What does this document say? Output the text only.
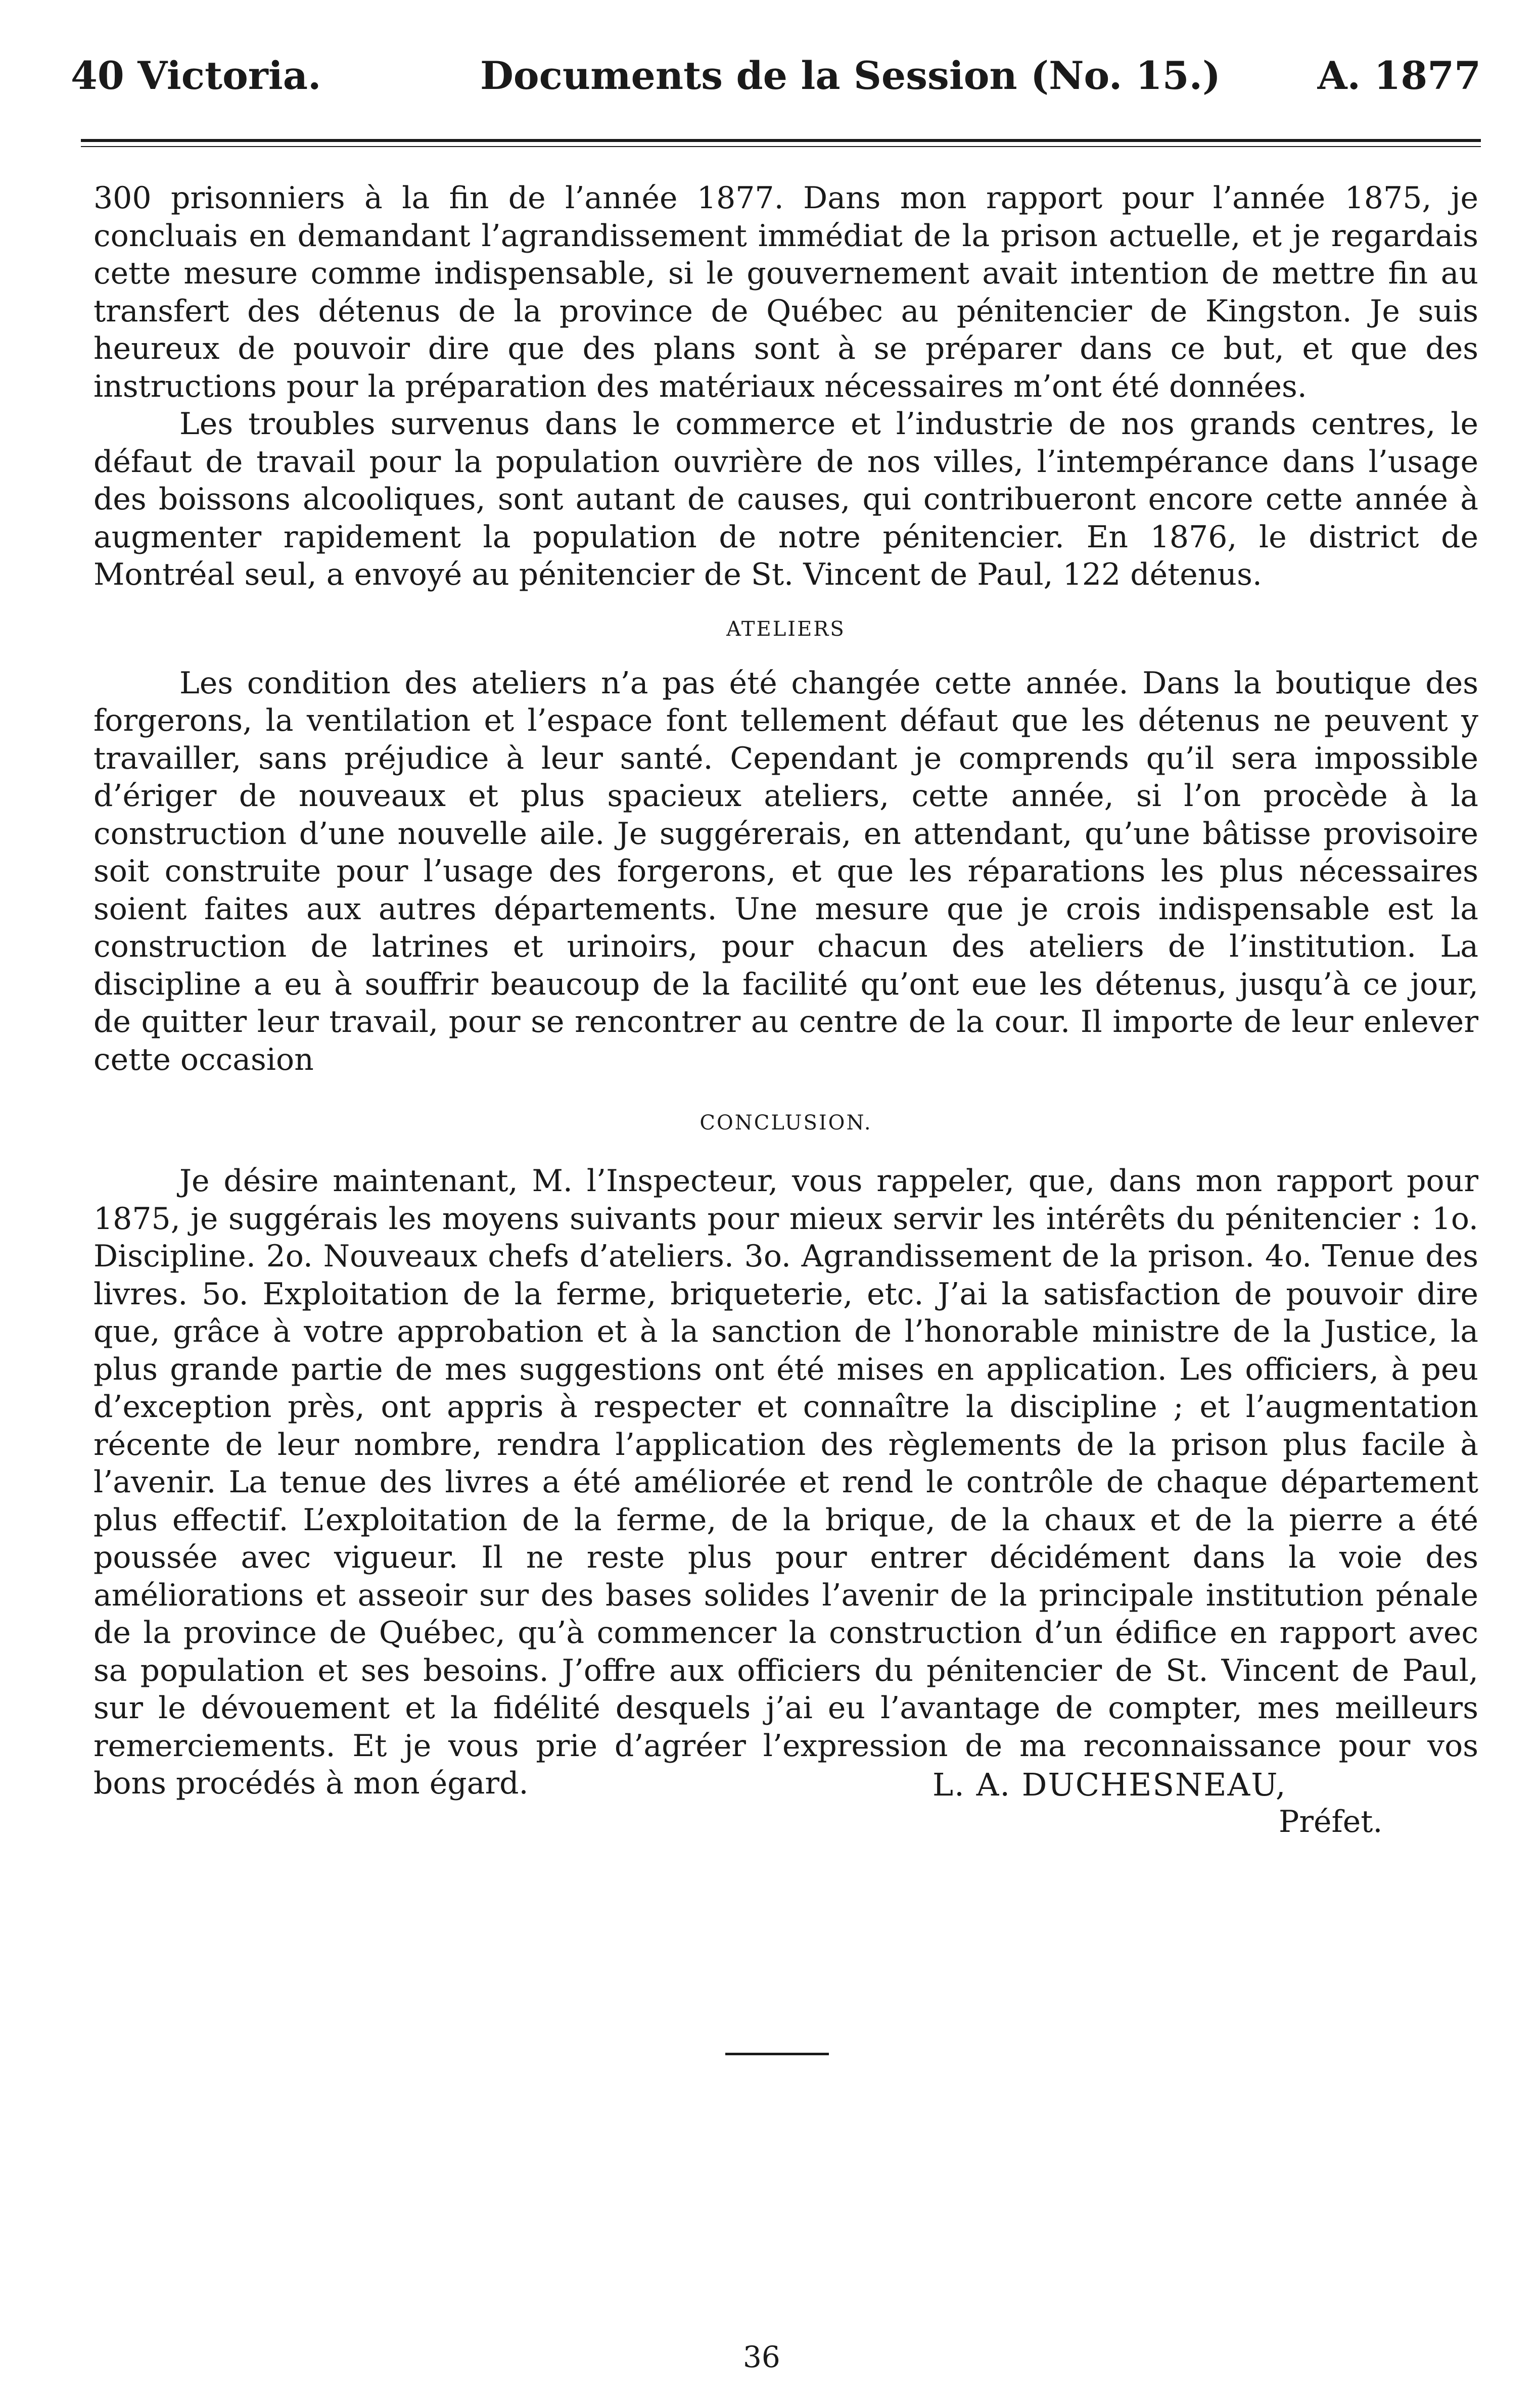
40 Victoria.	Documents de la Session (No. 15.)	A. 1877

300 prisonniers à la fin de l’année 1877. Dans mon rapport pour l’année 1875, je concluais en demandant l’agrandissement immédiat de la prison actuelle, et je regardais cette mesure comme indispensable, si le gouvernement avait intention de mettre fin au transfert des détenus de la province de Québec au pénitencier de Kingston. Je suis heureux de pouvoir dire que des plans sont à se préparer dans ce but, et que des instructions pour la préparation des matériaux nécessaires m’ont été données.

Les troubles survenus dans le commerce et l’industrie de nos grands centres, le défaut de travail pour la population ouvrière de nos villes, l’intempérance dans l’usage des boissons alcooliques, sont autant de causes, qui contribueront encore cette année à augmenter rapidement la population de notre pénitencier. En 1876, le district de Montréal seul, a envoyé au pénitencier de St. Vincent de Paul, 122 détenus.

ATELIERS

Les condition des ateliers n’a pas été changée cette année. Dans la boutique des forgerons, la ventilation et l’espace font tellement défaut que les détenus ne peuvent y travailler, sans préjudice à leur santé. Cependant je comprends qu’il sera impossible d’ériger de nouveaux et plus spacieux ateliers, cette année, si l’on procède à la construction d’une nouvelle aile. Je suggérerais, en attendant, qu’une bâtisse provisoire soit construite pour l’usage des forgerons, et que les réparations les plus nécessaires soient faites aux autres départements. Une mesure que je crois indispensable est la construction de latrines et urinoirs, pour chacun des ateliers de l’institution. La discipline a eu à souffrir beaucoup de la facilité qu’ont eue les détenus, jusqu’à ce jour, de quitter leur travail, pour se rencontrer au centre de la cour. Il importe de leur enlever cette occasion

CONCLUSION.

Je désire maintenant, M. l’Inspecteur, vous rappeler, que, dans mon rapport pour 1875, je suggérais les moyens suivants pour mieux servir les intérêts du pénitencier : 1o. Discipline. 2o. Nouveaux chefs d’ateliers. 3o. Agrandissement de la prison. 4o. Tenue des livres. 5o. Exploitation de la ferme, briqueterie, etc. J’ai la satisfaction de pouvoir dire que, grâce à votre approbation et à la sanction de l’honorable ministre de la Justice, la plus grande partie de mes suggestions ont été mises en application. Les officiers, à peu d’exception près, ont appris à respecter et connaître la discipline ; et l’augmentation récente de leur nombre, rendra l’application des règlements de la prison plus facile à l’avenir. La tenue des livres a été améliorée et rend le contrôle de chaque département plus effectif. L’exploitation de la ferme, de la brique, de la chaux et de la pierre a été poussée avec vigueur. Il ne reste plus pour entrer décidément dans la voie des améliorations et asseoir sur des bases solides l’avenir de la principale institution pénale de la province de Québec, qu’à commencer la construction d’un édifice en rapport avec sa population et ses besoins. J’offre aux officiers du pénitencier de St. Vincent de Paul, sur le dévouement et la fidélité desquels j’ai eu l’avantage de compter, mes meilleurs remerciements. Et je vous prie d’agréer l’expression de ma reconnaissance pour vos bons procédés à mon égard.	L. A. DUCHESNEAU,
Préfet.
36
